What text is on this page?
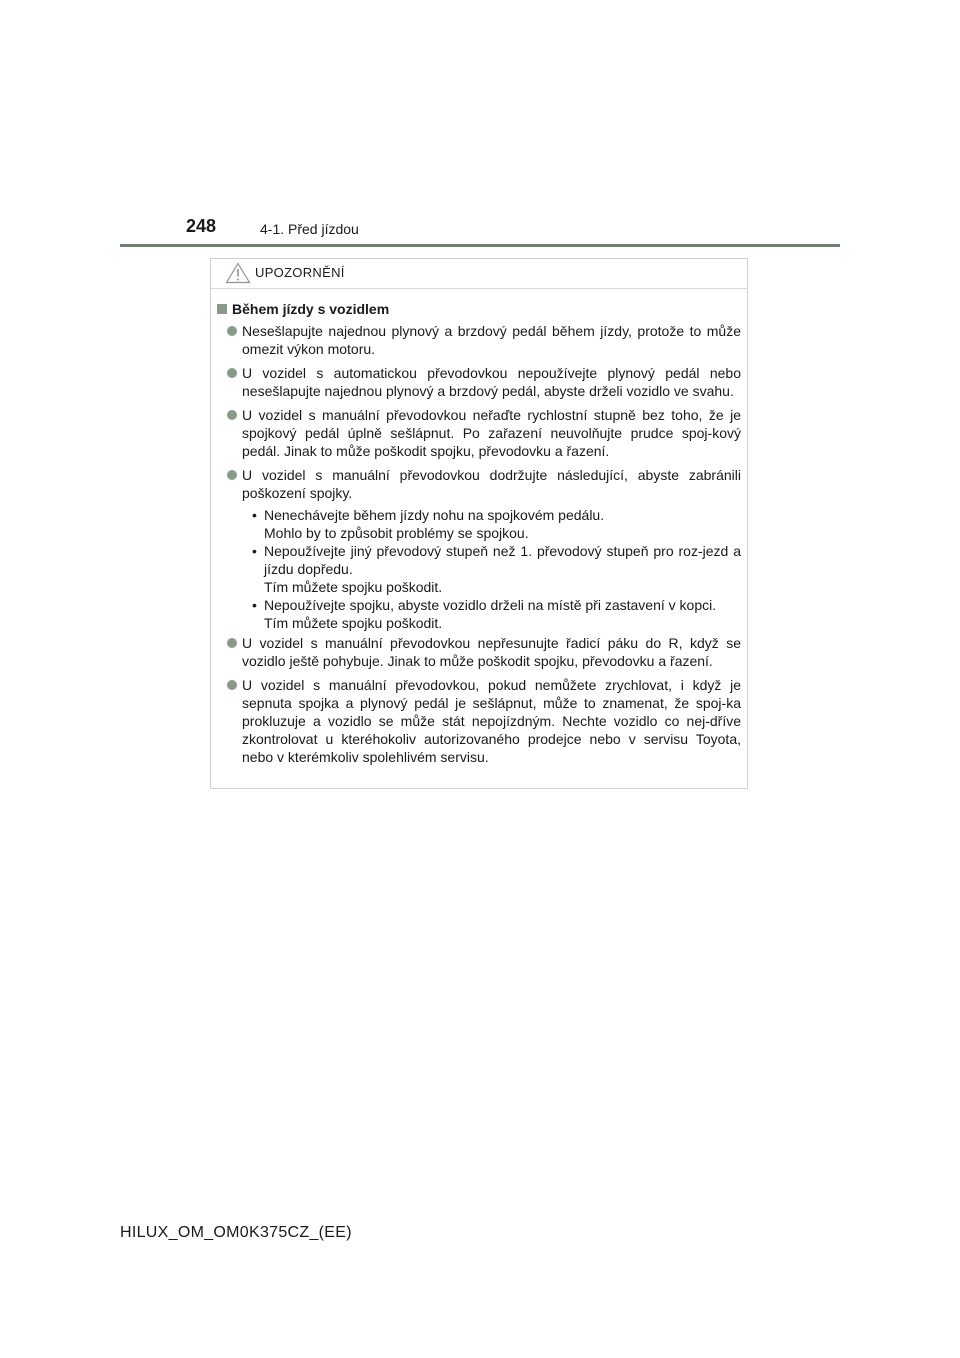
248	4-1. Před jízdou
UPOZORNĚNÍ
Během jízdy s vozidlem
Nesešlapujte najednou plynový a brzdový pedál během jízdy, protože to může omezit výkon motoru.
U vozidel s automatickou převodovkou nepoužívejte plynový pedál nebo nesešlapujte najednou plynový a brzdový pedál, abyste drželi vozidlo ve svahu.
U vozidel s manuální převodovkou neřaďte rychlostní stupně bez toho, že je spojkový pedál úplně sešlápnut. Po zařazení neuvolňujte prudce spoj-kový pedál. Jinak to může poškodit spojku, převodovku a řazení.
U vozidel s manuální převodovkou dodržujte následující, abyste zabránili poškození spojky.
• Nenechávejte během jízdy nohu na spojkovém pedálu.
Mohlo by to způsobit problémy se spojkou.
• Nepoužívejte jiný převodový stupeň než 1. převodový stupeň pro roz-jezd a jízdu dopředu.
Tím můžete spojku poškodit.
• Nepoužívejte spojku, abyste vozidlo drželi na místě při zastavení v kopci.
Tím můžete spojku poškodit.
U vozidel s manuální převodovkou nepřesunujte řadicí páku do R, když se vozidlo ještě pohybuje. Jinak to může poškodit spojku, převodovku a řazení.
U vozidel s manuální převodovkou, pokud nemůžete zrychlovat, i když je sepnuta spojka a plynový pedál je sešlápnut, může to znamenat, že spoj-ka prokluzuje a vozidlo se může stát nepojízdným. Nechte vozidlo co nej-dříve zkontrolovat u kteréhokoliv autorizovaného prodejce nebo v servisu Toyota, nebo v kterémkoliv spolehlivém servisu.
HILUX_OM_OM0K375CZ_(EE)
